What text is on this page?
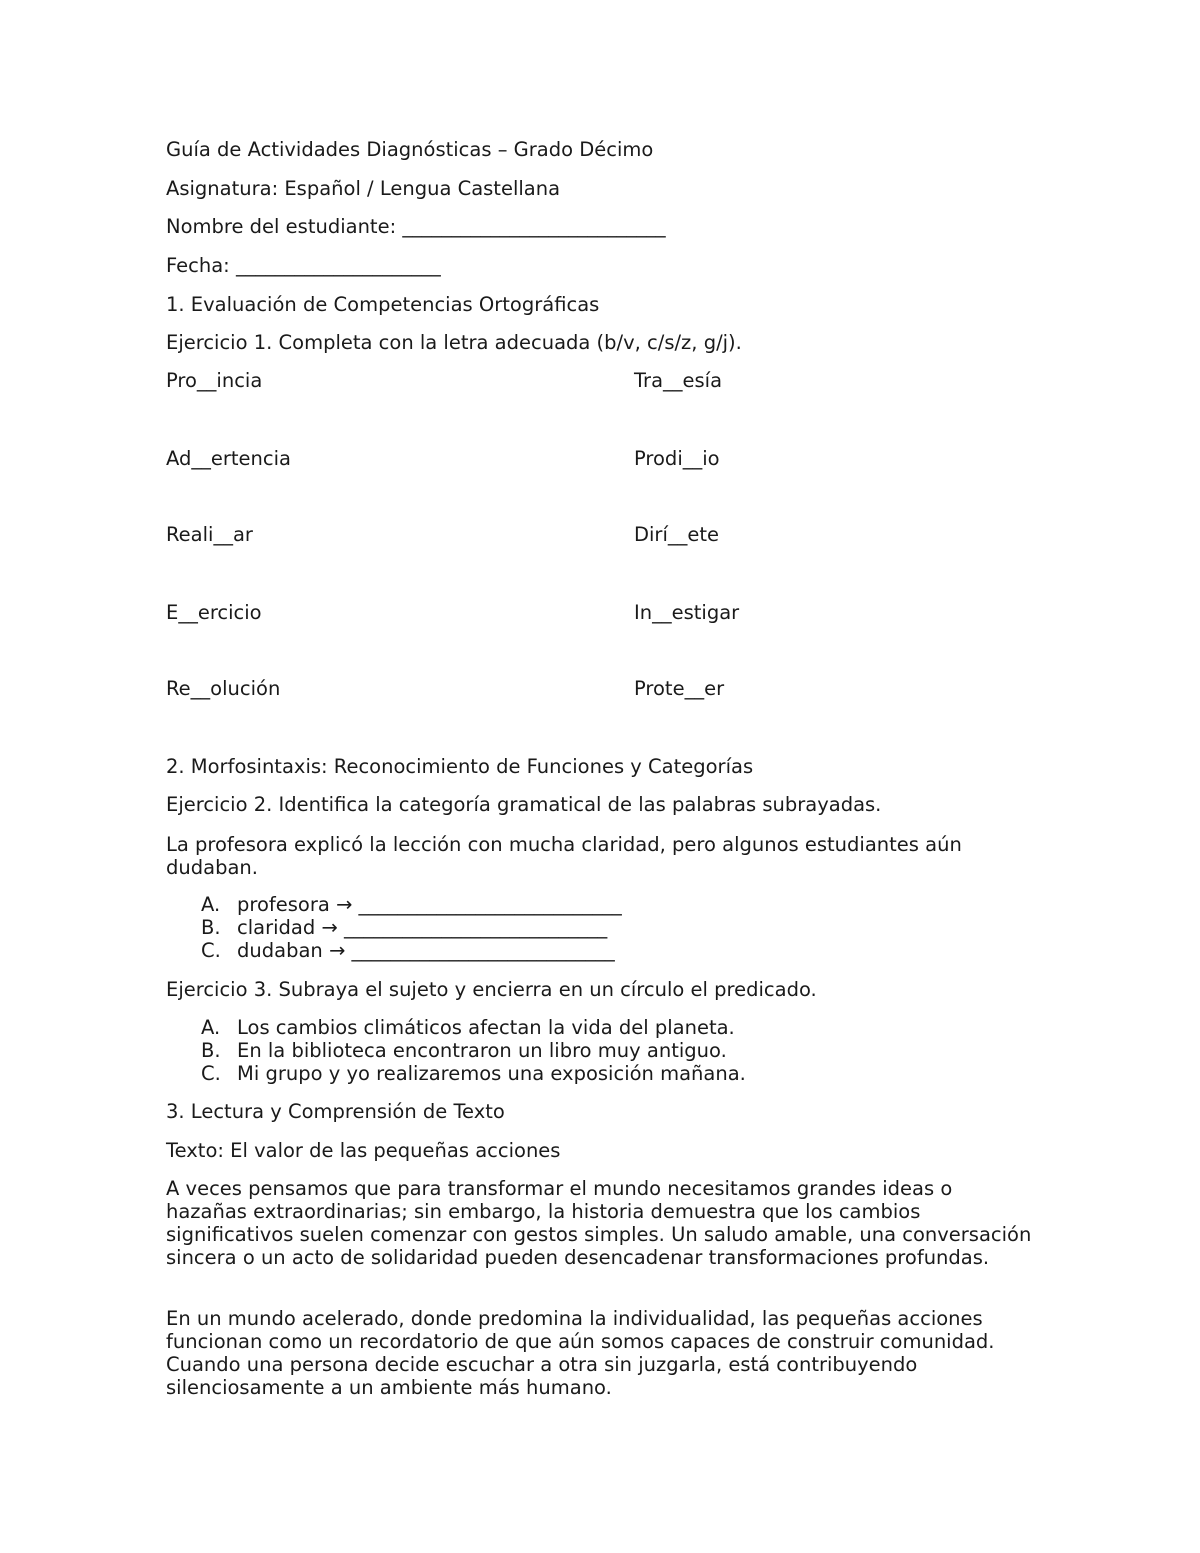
Guía de Actividades Diagnósticas – Grado Décimo
Asignatura: Español / Lengua Castellana
Nombre del estudiante: ___________________________
Fecha: _____________________
1. Evaluación de Competencias Ortográficas
Ejercicio 1. Completa con la letra adecuada (b/v, c/s/z, g/j).
Pro__incia	Tra__esía
Ad__ertencia	Prodi__io
Reali__ar	Dirí__ete
E__ercicio	In__estigar
Re__olución	Prote__er
2. Morfosintaxis: Reconocimiento de Funciones y Categorías
Ejercicio 2. Identifica la categoría gramatical de las palabras subrayadas.
La profesora explicó la lección con mucha claridad, pero algunos estudiantes aún dudaban.
A. profesora → ___________________________
B. claridad → ___________________________
C. dudaban → ___________________________
Ejercicio 3. Subraya el sujeto y encierra en un círculo el predicado.
A. Los cambios climáticos afectan la vida del planeta.
B. En la biblioteca encontraron un libro muy antiguo.
C. Mi grupo y yo realizaremos una exposición mañana.
3. Lectura y Comprensión de Texto
Texto: El valor de las pequeñas acciones
A veces pensamos que para transformar el mundo necesitamos grandes ideas o hazañas extraordinarias; sin embargo, la historia demuestra que los cambios significativos suelen comenzar con gestos simples. Un saludo amable, una conversación sincera o un acto de solidaridad pueden desencadenar transformaciones profundas.
En un mundo acelerado, donde predomina la individualidad, las pequeñas acciones funcionan como un recordatorio de que aún somos capaces de construir comunidad. Cuando una persona decide escuchar a otra sin juzgarla, está contribuyendo silenciosamente a un ambiente más humano.
